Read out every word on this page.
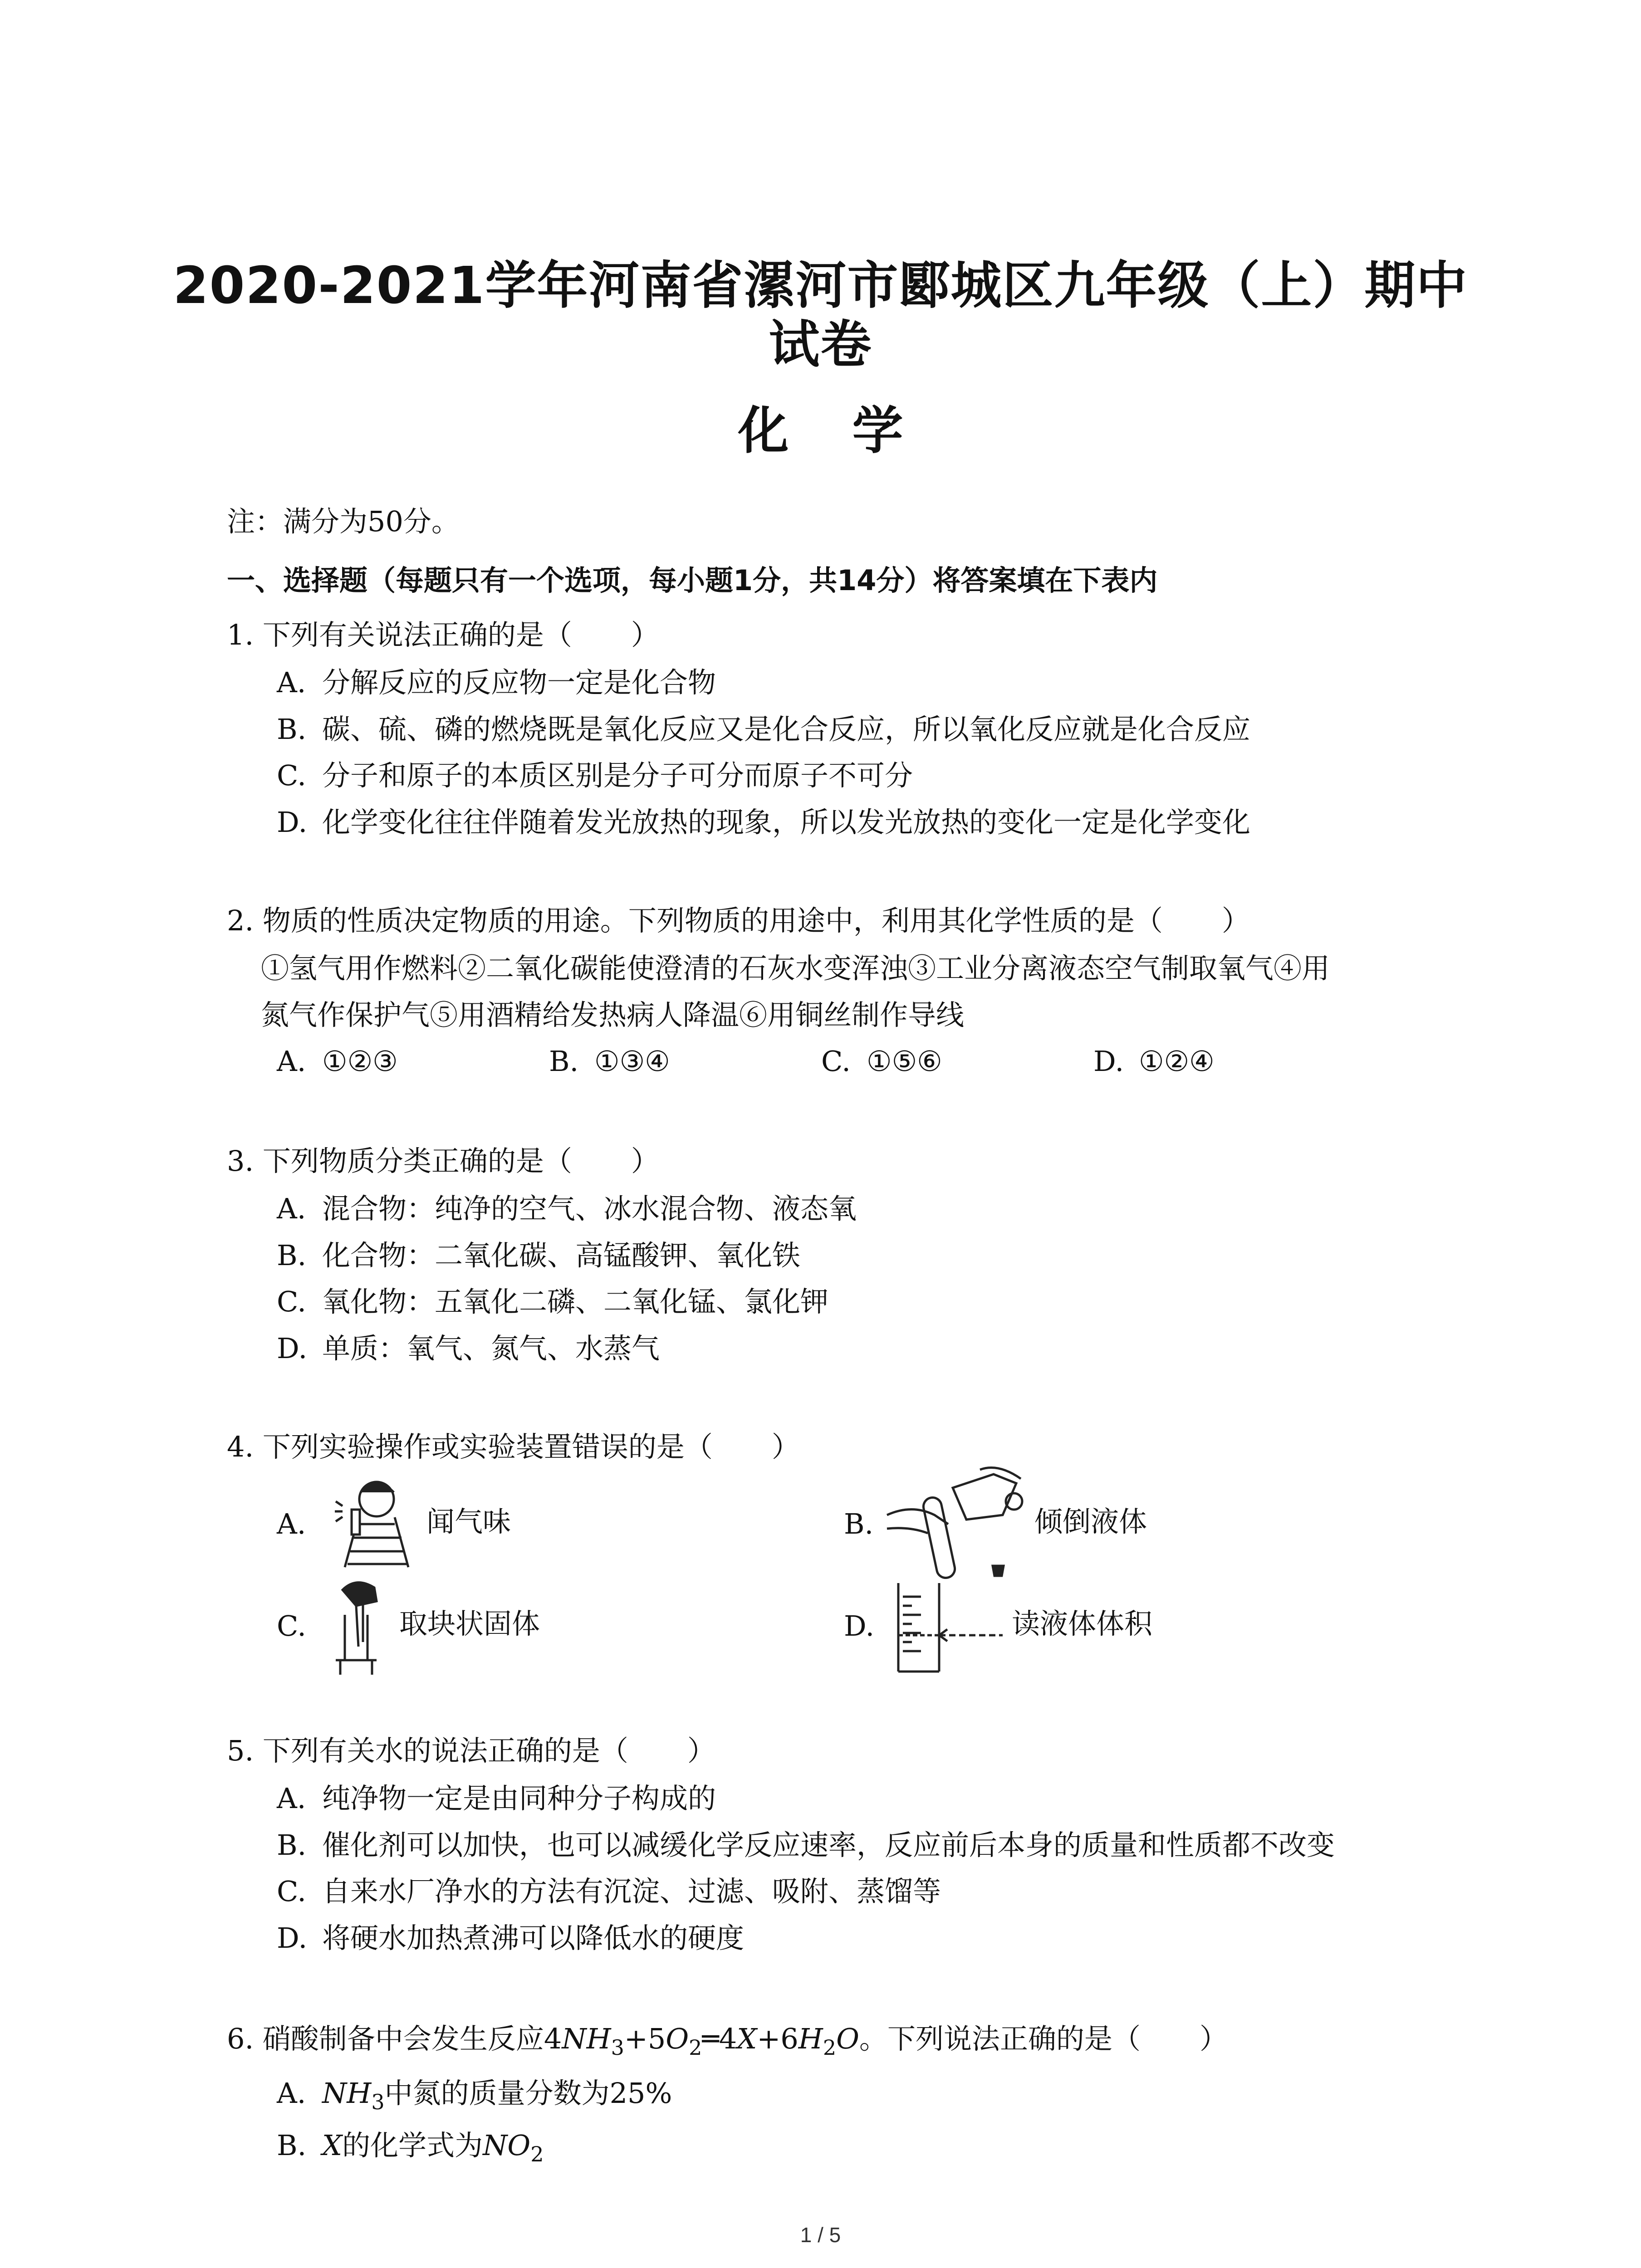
2020-2021学年河南省漯河市郾城区九年级（上）期中
试卷
化 学
注：满分为50分。
一、选择题（每题只有一个选项，每小题1分，共14分）将答案填在下表内
1. 下列有关说法正确的是（ ）
A. 分解反应的反应物一定是化合物
B. 碳、硫、磷的燃烧既是氧化反应又是化合反应，所以氧化反应就是化合反应
C. 分子和原子的本质区别是分子可分而原子不可分
D. 化学变化往往伴随着发光放热的现象，所以发光放热的变化一定是化学变化
2. 物质的性质决定物质的用途。下列物质的用途中，利用其化学性质的是（ ）
①氢气用作燃料②二氧化碳能使澄清的石灰水变浑浊③工业分离液态空气制取氧气④用
氮气作保护气⑤用酒精给发热病人降温⑥用铜丝制作导线
A. ①②③	B. ①③④	C. ①⑤⑥	D. ①②④
3. 下列物质分类正确的是（ ）
A. 混合物：纯净的空气、冰水混合物、液态氧
B. 化合物：二氧化碳、高锰酸钾、氧化铁
C. 氧化物：五氧化二磷、二氧化锰、氯化钾
D. 单质：氧气、氮气、水蒸气
4. 下列实验操作或实验装置错误的是（ ）
A.	闻气味	B.	倾倒液体
C.	取块状固体	D.	读液体体积
5. 下列有关水的说法正确的是（ ）
A. 纯净物一定是由同种分子构成的
B. 催化剂可以加快，也可以减缓化学反应速率，反应前后本身的质量和性质都不改变
C. 自来水厂净水的方法有沉淀、过滤、吸附、蒸馏等
D. 将硬水加热煮沸可以降低水的硬度
6. 硝酸制备中会发生反应$4NH_3+5O_2═4X+6H_2O$。下列说法正确的是（ ）
A. $NH_3$中氮的质量分数为25%
B. X的化学式为$NO_2$
1 / 5
